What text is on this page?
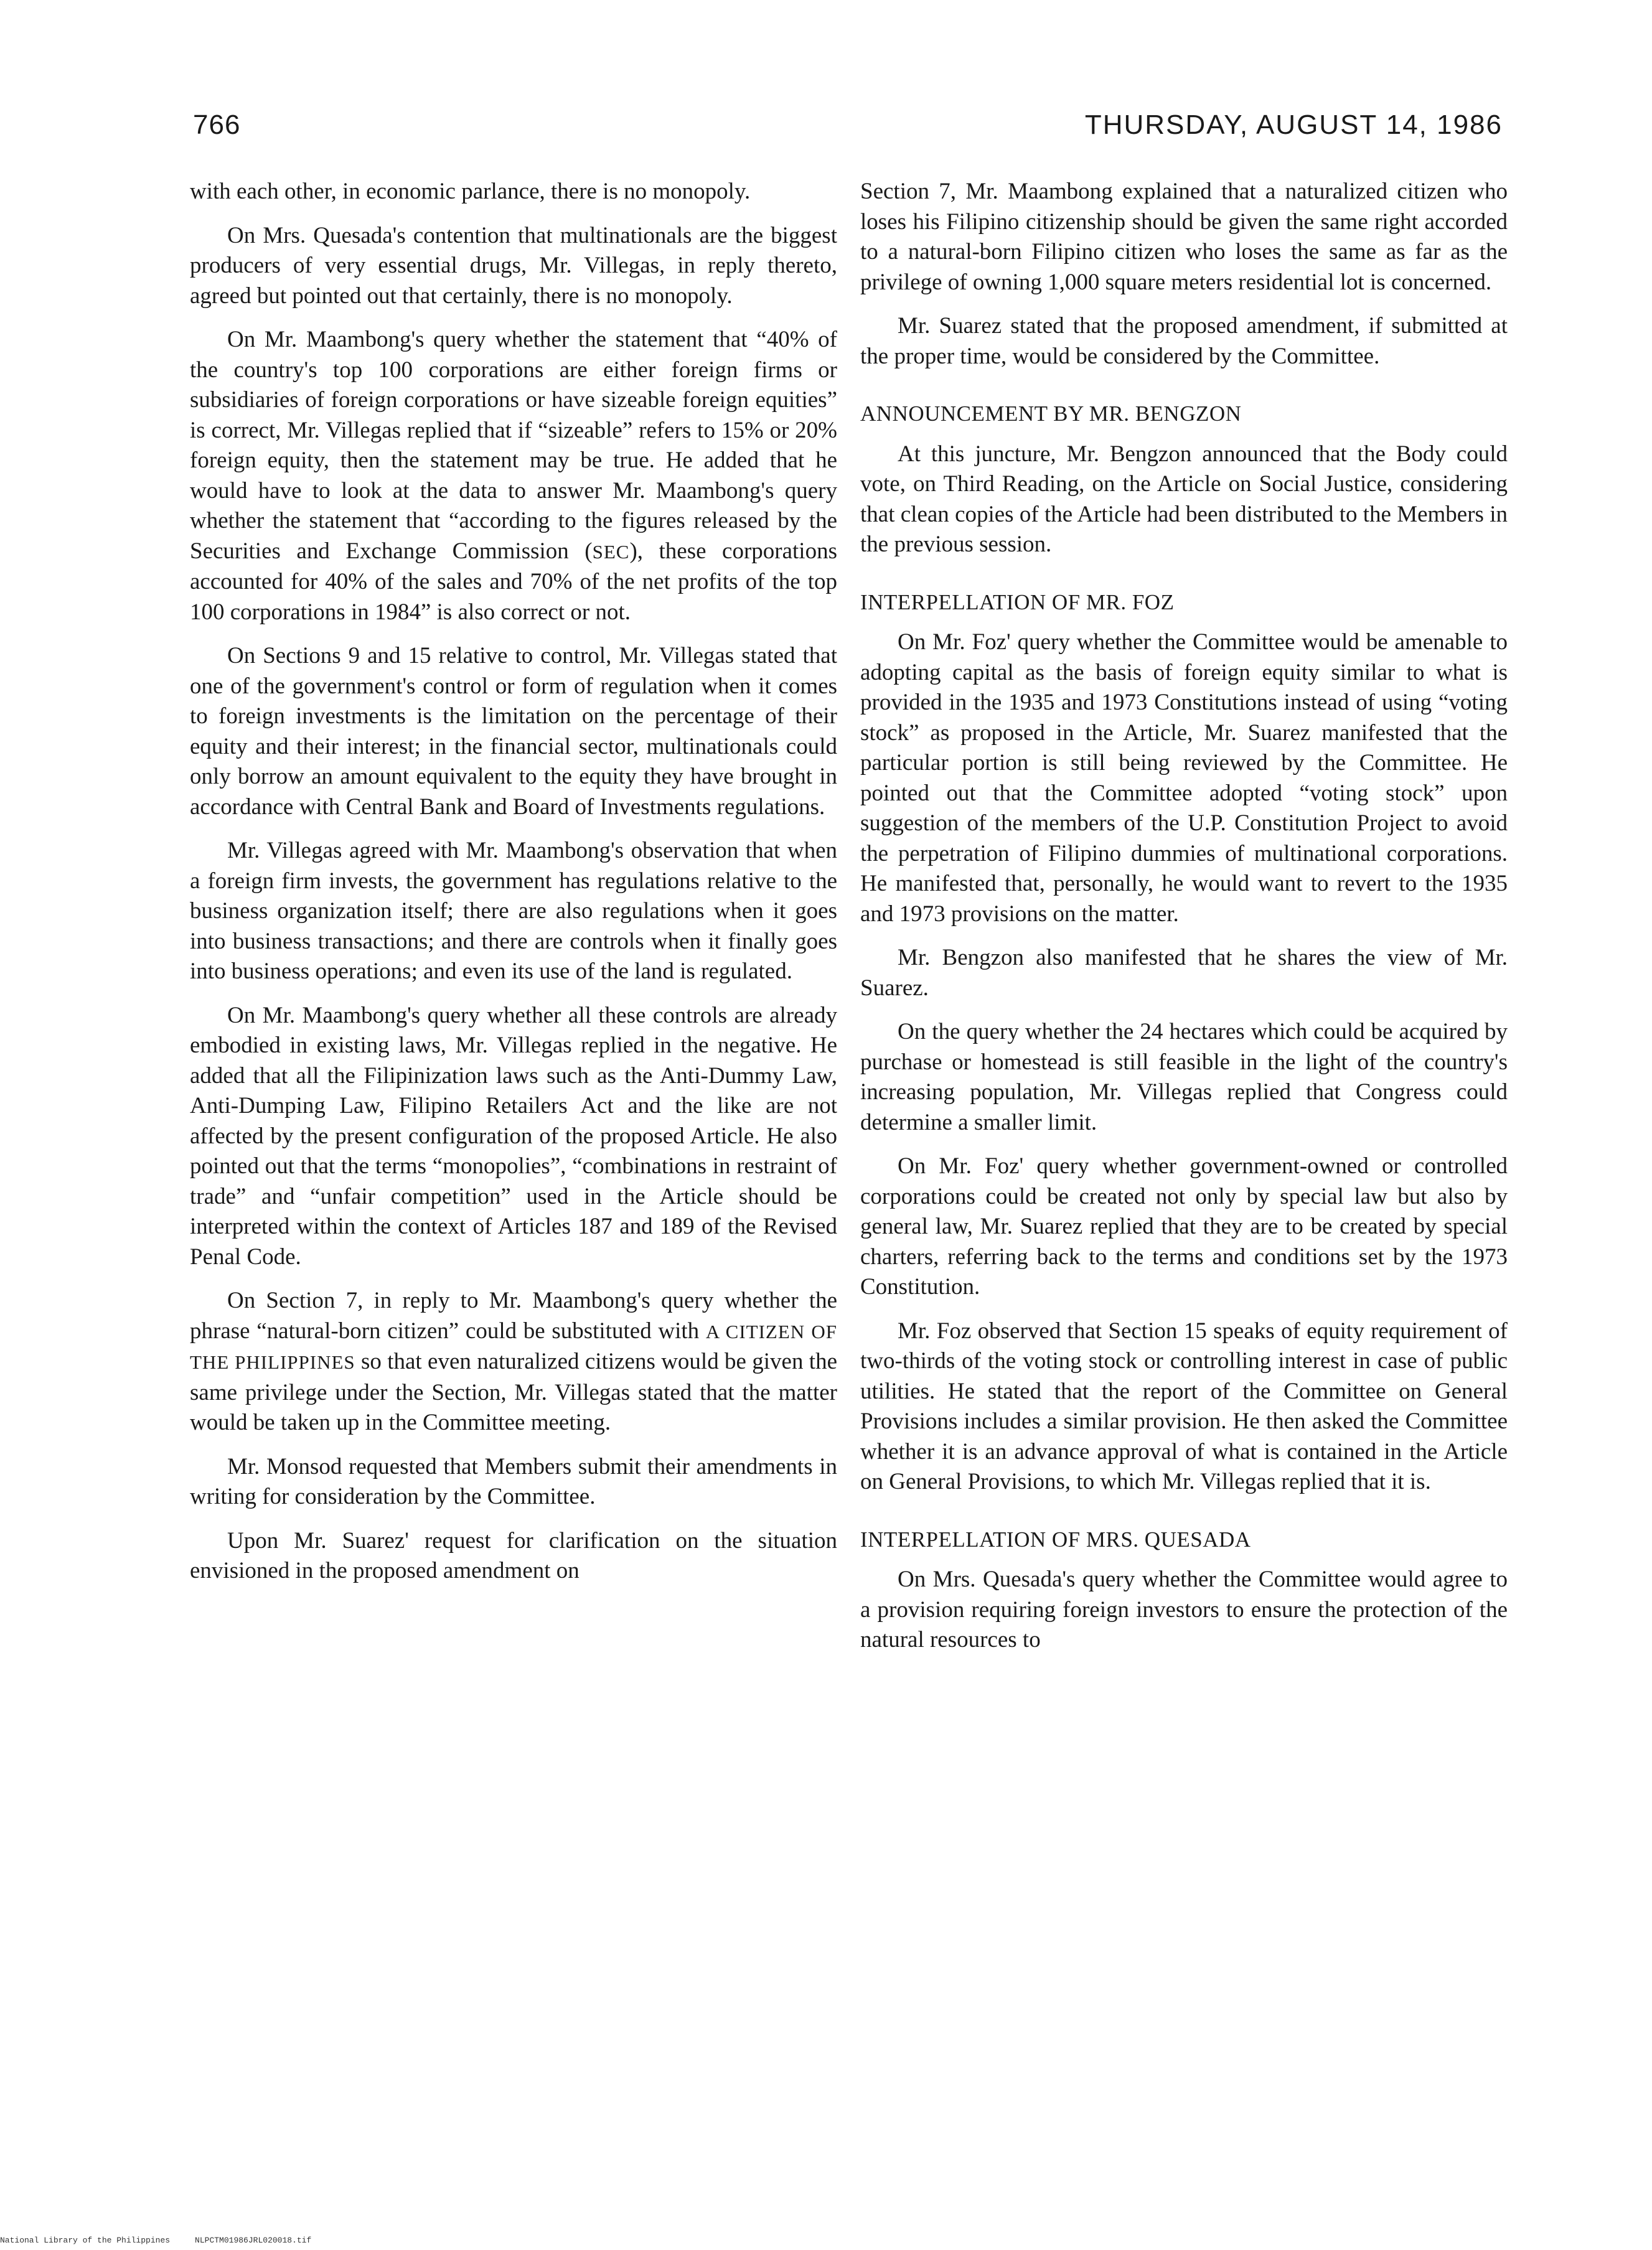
766	THURSDAY, AUGUST 14, 1986

with each other, in economic parlance, there is no monopoly.

On Mrs. Quesada's contention that multinationals are the biggest producers of very essential drugs, Mr. Villegas, in reply thereto, agreed but pointed out that certainly, there is no monopoly.

On Mr. Maambong's query whether the statement that “40% of the country's top 100 corporations are either foreign firms or subsidiaries of foreign corporations or have sizeable foreign equities” is correct, Mr. Villegas replied that if “sizeable” refers to 15% or 20% foreign equity, then the statement may be true. He added that he would have to look at the data to answer Mr. Maambong's query whether the statement that “according to the figures released by the Securities and Exchange Commission (SEC), these corporations accounted for 40% of the sales and 70% of the net profits of the top 100 corporations in 1984” is also correct or not.

On Sections 9 and 15 relative to control, Mr. Villegas stated that one of the government's control or form of regulation when it comes to foreign investments is the limitation on the percentage of their equity and their interest; in the financial sector, multinationals could only borrow an amount equivalent to the equity they have brought in accordance with Central Bank and Board of Investments regulations.

Mr. Villegas agreed with Mr. Maambong's observation that when a foreign firm invests, the government has regulations relative to the business organization itself; there are also regulations when it goes into business transactions; and there are controls when it finally goes into business operations; and even its use of the land is regulated.

On Mr. Maambong's query whether all these controls are already embodied in existing laws, Mr. Villegas replied in the negative. He added that all the Filipinization laws such as the Anti-Dummy Law, Anti-Dumping Law, Filipino Retailers Act and the like are not affected by the present configuration of the proposed Article. He also pointed out that the terms “monopolies”, “combinations in restraint of trade” and “unfair competition” used in the Article should be interpreted within the context of Articles 187 and 189 of the Revised Penal Code.

On Section 7, in reply to Mr. Maambong's query whether the phrase “natural-born citizen” could be substituted with A CITIZEN OF THE PHILIPPINES so that even naturalized citizens would be given the same privilege under the Section, Mr. Villegas stated that the matter would be taken up in the Committee meeting.

Mr. Monsod requested that Members submit their amendments in writing for consideration by the Committee.

Upon Mr. Suarez' request for clarification on the situation envisioned in the proposed amendment on

Section 7, Mr. Maambong explained that a naturalized citizen who loses his Filipino citizenship should be given the same right accorded to a natural-born Filipino citizen who loses the same as far as the privilege of owning 1,000 square meters residential lot is concerned.

Mr. Suarez stated that the proposed amendment, if submitted at the proper time, would be considered by the Committee.

ANNOUNCEMENT BY MR. BENGZON

At this juncture, Mr. Bengzon announced that the Body could vote, on Third Reading, on the Article on Social Justice, considering that clean copies of the Article had been distributed to the Members in the previous session.

INTERPELLATION OF MR. FOZ

On Mr. Foz' query whether the Committee would be amenable to adopting capital as the basis of foreign equity similar to what is provided in the 1935 and 1973 Constitutions instead of using “voting stock” as proposed in the Article, Mr. Suarez manifested that the particular portion is still being reviewed by the Committee. He pointed out that the Committee adopted “voting stock” upon suggestion of the members of the U.P. Constitution Project to avoid the perpetration of Filipino dummies of multinational corporations. He manifested that, personally, he would want to revert to the 1935 and 1973 provisions on the matter.

Mr. Bengzon also manifested that he shares the view of Mr. Suarez.

On the query whether the 24 hectares which could be acquired by purchase or homestead is still feasible in the light of the country's increasing population, Mr. Villegas replied that Congress could determine a smaller limit.

On Mr. Foz' query whether government-owned or controlled corporations could be created not only by special law but also by general law, Mr. Suarez replied that they are to be created by special charters, referring back to the terms and conditions set by the 1973 Constitution.

Mr. Foz observed that Section 15 speaks of equity requirement of two-thirds of the voting stock or controlling interest in case of public utilities. He stated that the report of the Committee on General Provisions includes a similar provision. He then asked the Committee whether it is an advance approval of what is contained in the Article on General Provisions, to which Mr. Villegas replied that it is.

INTERPELLATION OF MRS. QUESADA

On Mrs. Quesada's query whether the Committee would agree to a provision requiring foreign investors to ensure the protection of the natural resources to

National Library of the Philippines	NLPCTM01986JRL020018.tif
